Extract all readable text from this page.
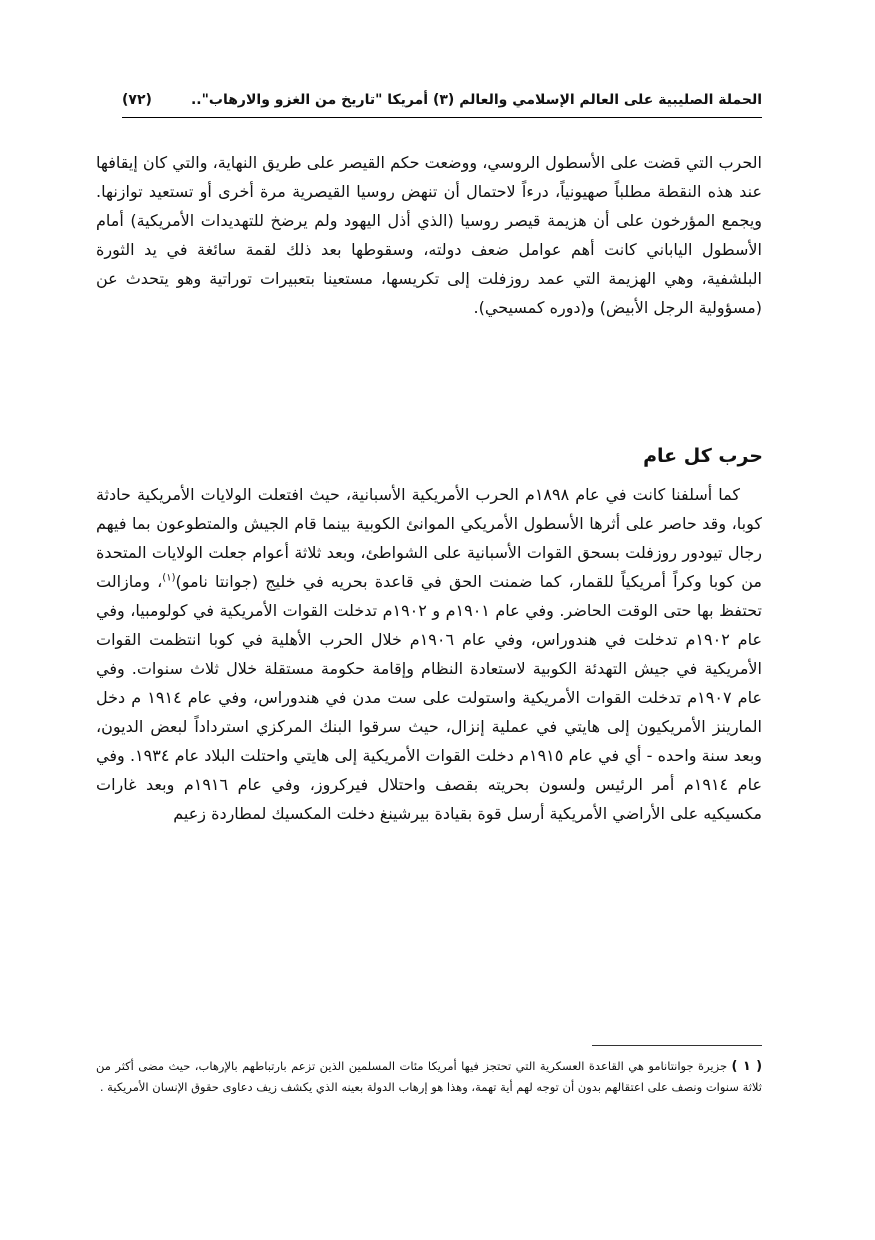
الحملة الصليبية على العالم الإسلامي والعالم (٣) أمريكا "تاريخ من الغزو والارهاب"..
(٧٢)

الحرب التي قضت على الأسطول الروسي، ووضعت حكم القيصر على طريق النهاية، والتي كان إيقافها عند هذه النقطة مطلباً صهيونياً، درءاً لاحتمال أن تنهض روسيا القيصرية مرة أخرى أو تستعيد توازنها. ويجمع المؤرخون على أن هزيمة قيصر روسيا (الذي أذل اليهود ولم يرضخ للتهديدات الأمريكية) أمام الأسطول الياباني كانت أهم عوامل ضعف دولته، وسقوطها بعد ذلك لقمة سائغة في يد الثورة البلشفية، وهي الهزيمة التي عمد روزفلت إلى تكريسها، مستعينا بتعبيرات توراتية وهو يتحدث عن (مسؤولية الرجل الأبيض) و(دوره كمسيحي).

حرب كل عام

كما أسلفنا كانت في عام ١٨٩٨م الحرب الأمريكية الأسبانية، حيث افتعلت الولايات الأمريكية حادثة كوبا، وقد حاصر على أثرها الأسطول الأمريكي الموانئ الكوبية بينما قام الجيش والمتطوعون بما فيهم رجال تيودور روزفلت بسحق القوات الأسبانية على الشواطئ، وبعد ثلاثة أعوام جعلت الولايات المتحدة من كوبا وكراً أمريكياً للقمار، كما ضمنت الحق في قاعدة بحريه في خليج (جوانتا نامو)$^{(١)}$، ومازالت تحتفظ بها حتى الوقت الحاضر. وفي عام ١٩٠١م و ١٩٠٢م تدخلت القوات الأمريكية في كولومبيا، وفي عام ١٩٠٢م تدخلت في هندوراس، وفي عام ١٩٠٦م خلال الحرب الأهلية في كوبا انتظمت القوات الأمريكية في جيش التهدئة الكوبية لاستعادة النظام وإقامة حكومة مستقلة خلال ثلاث سنوات. وفي عام ١٩٠٧م تدخلت القوات الأمريكية واستولت على ست مدن في هندوراس، وفي عام ١٩١٤ م دخل المارينز الأمريكيون إلى هايتي في عملية إنزال، حيث سرقوا البنك المركزي استرداداً لبعض الديون، وبعد سنة واحده - أي في عام ١٩١٥م دخلت القوات الأمريكية إلى هايتي واحتلت البلاد عام ١٩٣٤. وفي عام ١٩١٤م أمر الرئيس ولسون بحريته بقصف واحتلال فيركروز، وفي عام ١٩١٦م وبعد غارات مكسيكيه على الأراضي الأمريكية أرسل قوة بقيادة بيرشينغ دخلت المكسيك لمطاردة زعيم

( ١ ) جزيرة جوانتانامو هي القاعدة العسكرية التي تحتجز فيها أمريكا مئات المسلمين الذين تزعم بارتباطهم بالإرهاب، حيث مضى أكثر من ثلاثة سنوات ونصف على اعتقالهم بدون أن توجه لهم أية تهمة، وهذا هو إرهاب الدولة بعينه الذي يكشف زيف دعاوى حقوق الإنسان الأمريكية .
